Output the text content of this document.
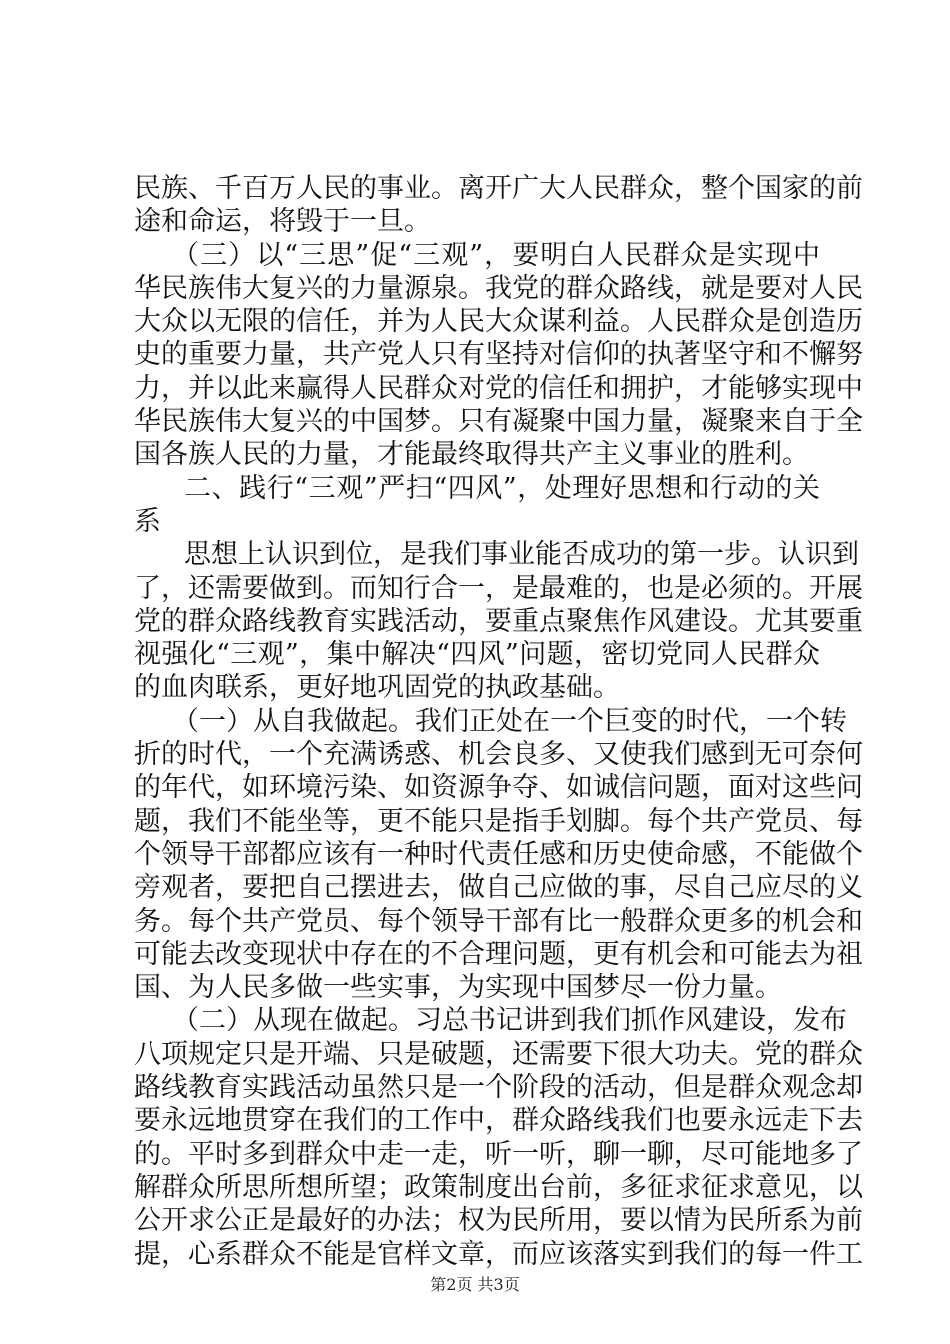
民族、千百万人民的事业。离开广大人民群众，整个国家的前
途和命运，将毁于一旦。
（三）以“三思”促“三观”，要明白人民群众是实现中
华民族伟大复兴的力量源泉。我党的群众路线，就是要对人民
大众以无限的信任，并为人民大众谋利益。人民群众是创造历
史的重要力量，共产党人只有坚持对信仰的执著坚守和不懈努
力，并以此来赢得人民群众对党的信任和拥护，才能够实现中
华民族伟大复兴的中国梦。只有凝聚中国力量，凝聚来自于全
国各族人民的力量，才能最终取得共产主义事业的胜利。
二、践行“三观”严扫“四风”，处理好思想和行动的关
系
思想上认识到位，是我们事业能否成功的第一步。认识到
了，还需要做到。而知行合一，是最难的，也是必须的。开展
党的群众路线教育实践活动，要重点聚焦作风建设。尤其要重
视强化“三观”，集中解决“四风”问题，密切党同人民群众
的血肉联系，更好地巩固党的执政基础。
（一）从自我做起。我们正处在一个巨变的时代，一个转
折的时代，一个充满诱惑、机会良多、又使我们感到无可奈何
的年代，如环境污染、如资源争夺、如诚信问题，面对这些问
题，我们不能坐等，更不能只是指手划脚。每个共产党员、每
个领导干部都应该有一种时代责任感和历史使命感，不能做个
旁观者，要把自己摆进去，做自己应做的事，尽自己应尽的义
务。每个共产党员、每个领导干部有比一般群众更多的机会和
可能去改变现状中存在的不合理问题，更有机会和可能去为祖
国、为人民多做一些实事，为实现中国梦尽一份力量。
（二）从现在做起。习总书记讲到我们抓作风建设，发布
八项规定只是开端、只是破题，还需要下很大功夫。党的群众
路线教育实践活动虽然只是一个阶段的活动，但是群众观念却
要永远地贯穿在我们的工作中，群众路线我们也要永远走下去
的。平时多到群众中走一走，听一听，聊一聊，尽可能地多了
解群众所思所想所望；政策制度出台前，多征求征求意见，以
公开求公正是最好的办法；权为民所用，要以情为民所系为前
提，心系群众不能是官样文章，而应该落实到我们的每一件工
第2页 共3页
